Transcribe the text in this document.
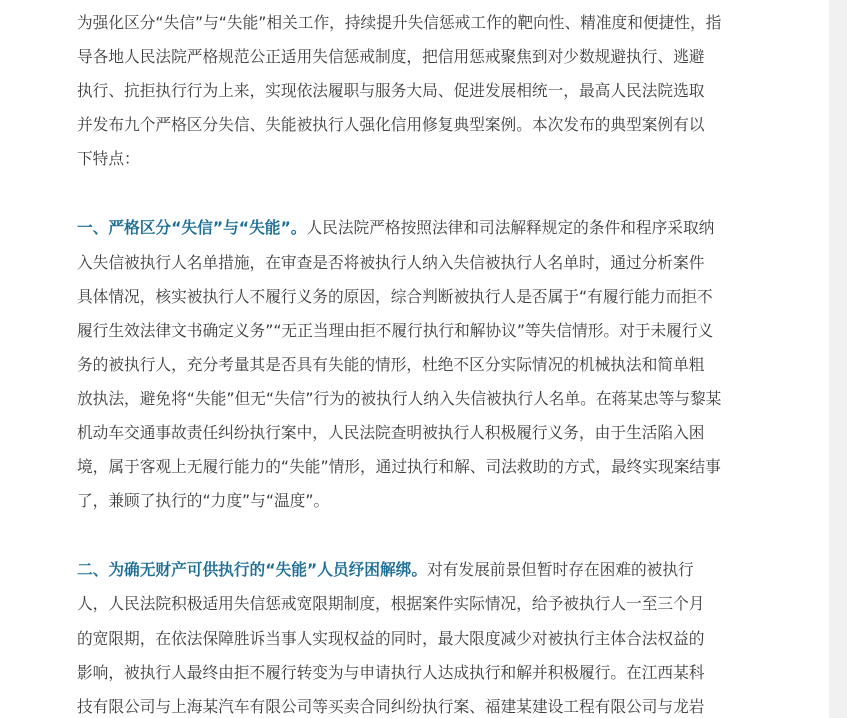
为强化区分“失信”与“失能”相关工作，持续提升失信惩戒工作的靶向性、精准度和便捷性，指
导各地人民法院严格规范公正适用失信惩戒制度，把信用惩戒聚焦到对少数规避执行、逃避
执行、抗拒执行行为上来，实现依法履职与服务大局、促进发展相统一，最高人民法院选取
并发布九个严格区分失信、失能被执行人强化信用修复典型案例。本次发布的典型案例有以
下特点：
一、严格区分“失信”与“失能”。人民法院严格按照法律和司法解释规定的条件和程序采取纳
入失信被执行人名单措施，在审查是否将被执行人纳入失信被执行人名单时，通过分析案件
具体情况，核实被执行人不履行义务的原因，综合判断被执行人是否属于“有履行能力而拒不
履行生效法律文书确定义务”“无正当理由拒不履行执行和解协议”等失信情形。对于未履行义
务的被执行人，充分考量其是否具有失能的情形，杜绝不区分实际情况的机械执法和简单粗
放执法，避免将“失能”但无“失信”行为的被执行人纳入失信被执行人名单。在蒋某忠等与黎某
机动车交通事故责任纠纷执行案中，人民法院查明被执行人积极履行义务，由于生活陷入困
境，属于客观上无履行能力的“失能”情形，通过执行和解、司法救助的方式，最终实现案结事
了，兼顾了执行的“力度”与“温度”。
二、为确无财产可供执行的“失能”人员纾困解绑。对有发展前景但暂时存在困难的被执行
人，人民法院积极适用失信惩戒宽限期制度，根据案件实际情况，给予被执行人一至三个月
的宽限期，在依法保障胜诉当事人实现权益的同时，最大限度减少对被执行主体合法权益的
影响，被执行人最终由拒不履行转变为与申请执行人达成执行和解并积极履行。在江西某科
技有限公司与上海某汽车有限公司等买卖合同纠纷执行案、福建某建设工程有限公司与龙岩
